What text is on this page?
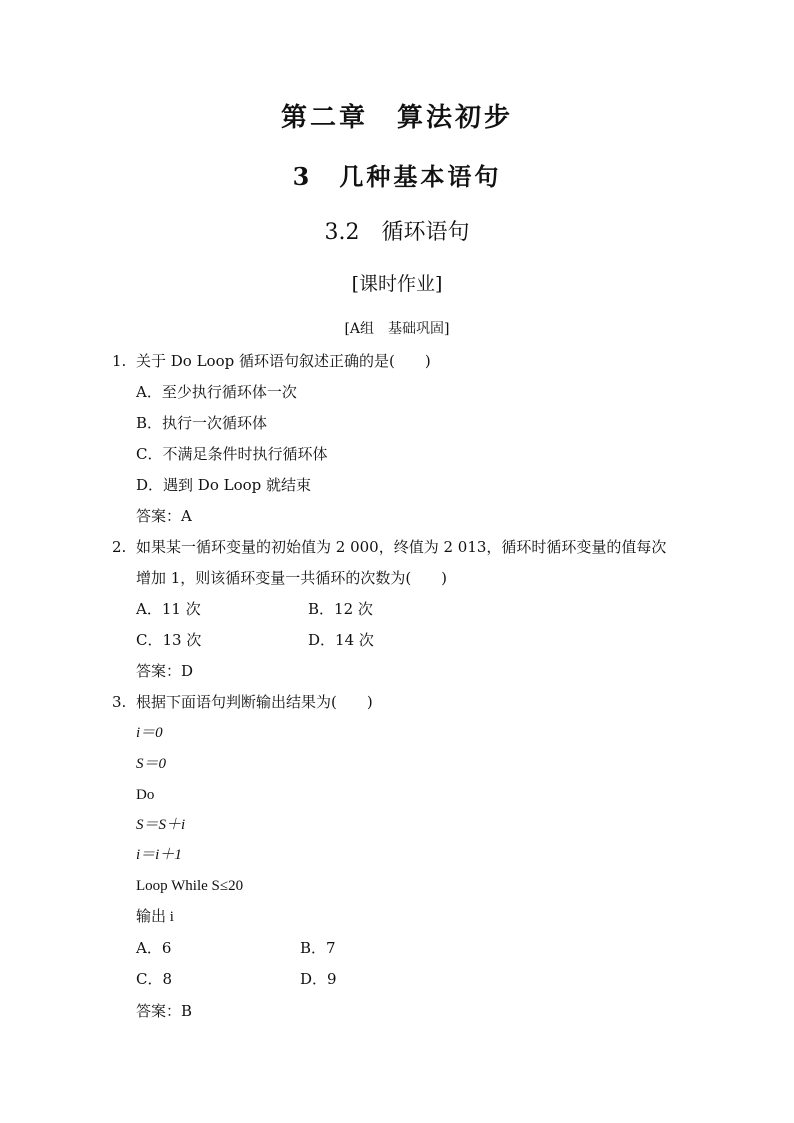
第二章　算法初步
3　几种基本语句
3.2　循环语句
[课时作业]
[A组　基础巩固]
1. 关于 Do Loop 循环语句叙述正确的是(　　)
A．至少执行循环体一次
B．执行一次循环体
C．不满足条件时执行循环体
D．遇到 Do Loop 就结束
答案：A
2. 如果某一循环变量的初始值为 2 000，终值为 2 013，循环时循环变量的值每次
增加 1，则该循环变量一共循环的次数为(　　)
A．11 次	B．12 次
C．13 次	D．14 次
答案：D
3. 根据下面语句判断输出结果为(　　)
i＝0
S＝0
Do
S＝S＋i
i＝i＋1
Loop While S≤20
输出 i
A．6	B．7
C．8	D．9
答案：B
